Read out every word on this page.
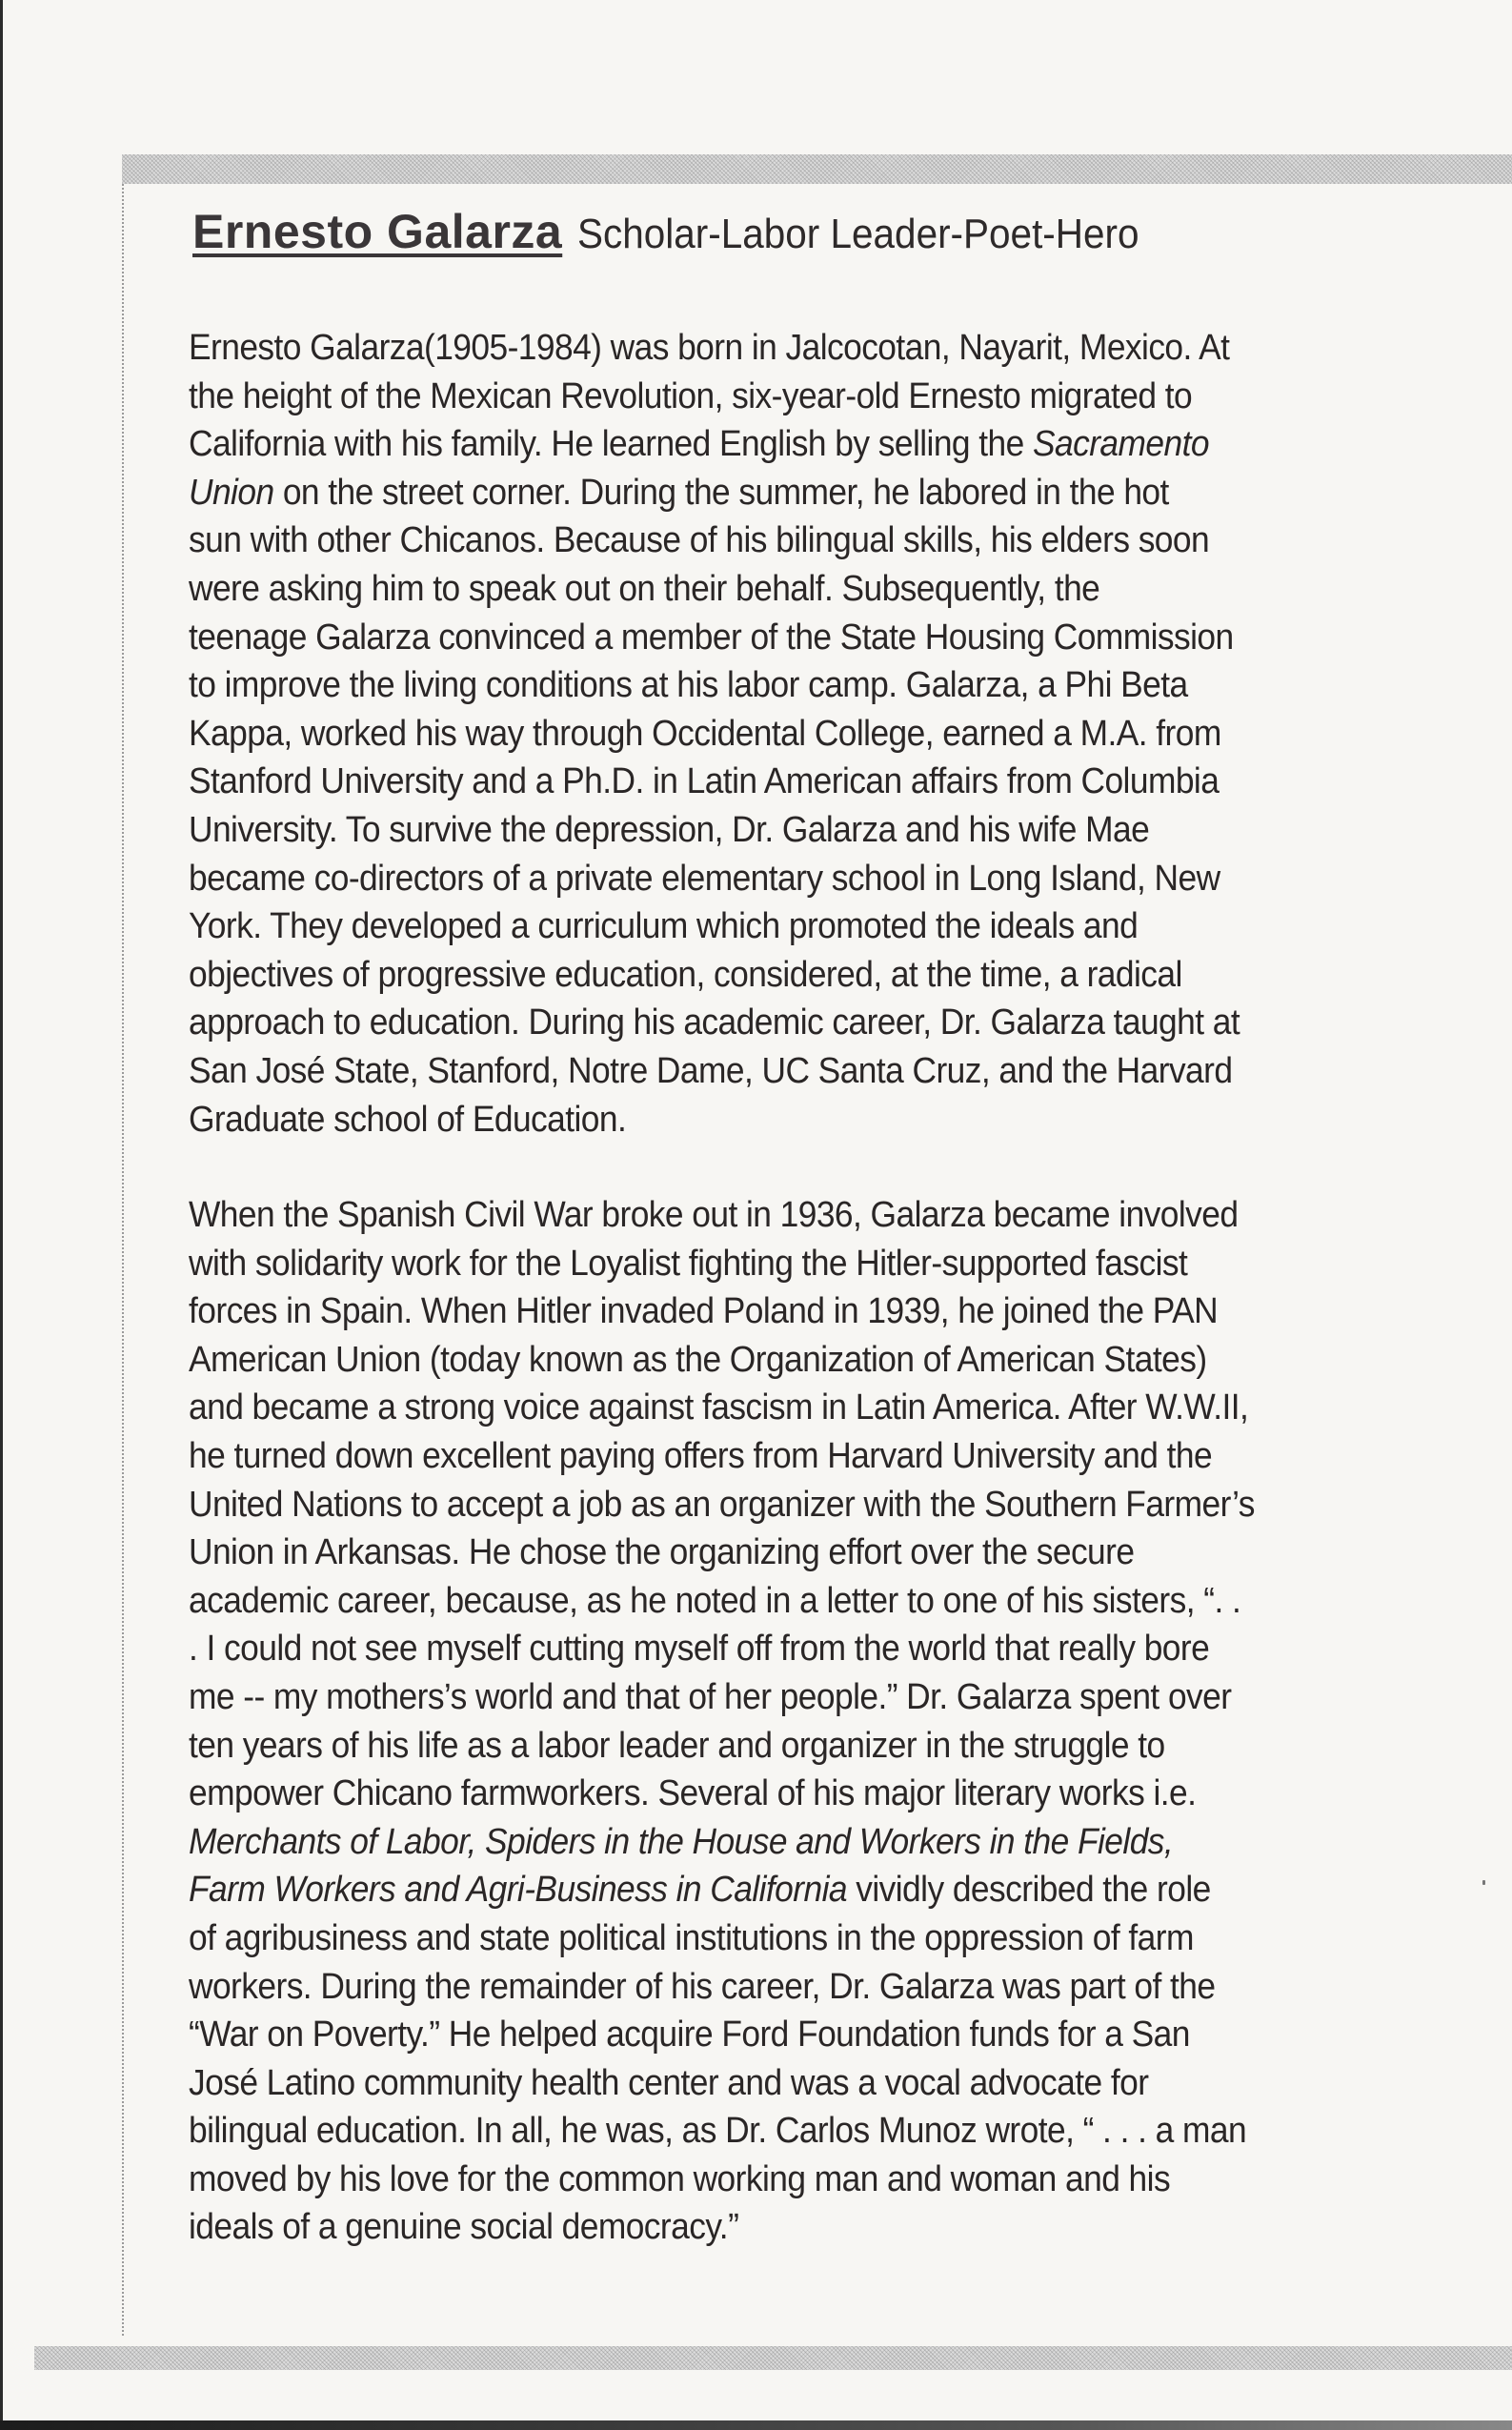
Ernesto Galarza Scholar-Labor Leader-Poet-Hero
Ernesto Galarza(1905-1984) was born in Jalcocotan, Nayarit, Mexico. At
the height of the Mexican Revolution, six-year-old Ernesto migrated to
California with his family. He learned English by selling the Sacramento
Union on the street corner. During the summer, he labored in the hot
sun with other Chicanos. Because of his bilingual skills, his elders soon
were asking him to speak out on their behalf. Subsequently, the
teenage Galarza convinced a member of the State Housing Commission
to improve the living conditions at his labor camp. Galarza, a Phi Beta
Kappa, worked his way through Occidental College, earned a M.A. from
Stanford University and a Ph.D. in Latin American affairs from Columbia
University. To survive the depression, Dr. Galarza and his wife Mae
became co-directors of a private elementary school in Long Island, New
York. They developed a curriculum which promoted the ideals and
objectives of progressive education, considered, at the time, a radical
approach to education. During his academic career, Dr. Galarza taught at
San José State, Stanford, Notre Dame, UC Santa Cruz, and the Harvard
Graduate school of Education.
When the Spanish Civil War broke out in 1936, Galarza became involved
with solidarity work for the Loyalist fighting the Hitler-supported fascist
forces in Spain. When Hitler invaded Poland in 1939, he joined the PAN
American Union (today known as the Organization of American States)
and became a strong voice against fascism in Latin America. After W.W.II,
he turned down excellent paying offers from Harvard University and the
United Nations to accept a job as an organizer with the Southern Farmer’s
Union in Arkansas. He chose the organizing effort over the secure
academic career, because, as he noted in a letter to one of his sisters, “. .
. I could not see myself cutting myself off from the world that really bore
me -- my mothers’s world and that of her people.” Dr. Galarza spent over
ten years of his life as a labor leader and organizer in the struggle to
empower Chicano farmworkers. Several of his major literary works i.e.
Merchants of Labor, Spiders in the House and Workers in the Fields,
Farm Workers and Agri-Business in California vividly described the role
of agribusiness and state political institutions in the oppression of farm
workers. During the remainder of his career, Dr. Galarza was part of the
“War on Poverty.” He helped acquire Ford Foundation funds for a San
José Latino community health center and was a vocal advocate for
bilingual education. In all, he was, as Dr. Carlos Munoz wrote, “ . . . a man
moved by his love for the common working man and woman and his
ideals of a genuine social democracy.”
